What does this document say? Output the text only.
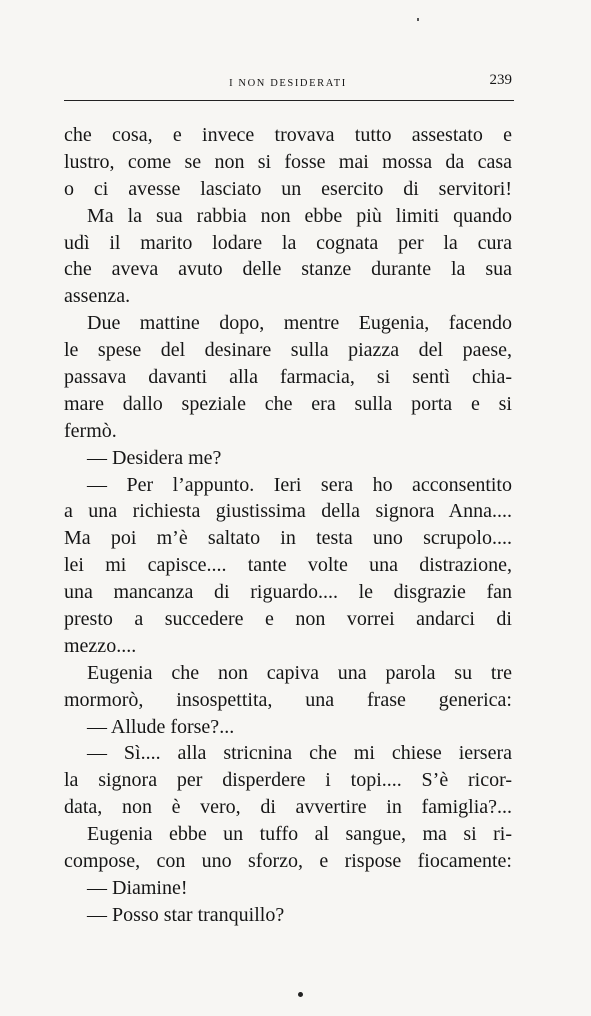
I NON DESIDERATI	239
che cosa, e invece trovava tutto assestato e
lustro, come se non si fosse mai mossa da casa
o ci avesse lasciato un esercito di servitori!
Ma la sua rabbia non ebbe più limiti quando
udì il marito lodare la cognata per la cura
che aveva avuto delle stanze durante la sua
assenza.
Due mattine dopo, mentre Eugenia, facendo
le spese del desinare sulla piazza del paese,
passava davanti alla farmacia, si sentì chia-
mare dallo speziale che era sulla porta e si
fermò.
— Desidera me?
— Per l’appunto. Ieri sera ho acconsentito
a una richiesta giustissima della signora Anna....
Ma poi m’è saltato in testa uno scrupolo....
lei mi capisce.... tante volte una distrazione,
una mancanza di riguardo.... le disgrazie fan
presto a succedere e non vorrei andarci di
mezzo....
Eugenia che non capiva una parola su tre
mormorò, insospettita, una frase generica:
— Allude forse?...
— Sì.... alla stricnina che mi chiese iersera
la signora per disperdere i topi.... S’è ricor-
data, non è vero, di avvertire in famiglia?...
Eugenia ebbe un tuffo al sangue, ma si ri-
compose, con uno sforzo, e rispose fiocamente:
— Diamine!
— Posso star tranquillo?
